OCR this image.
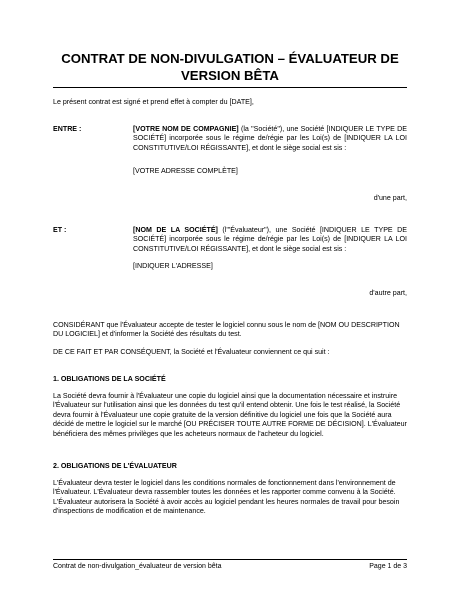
CONTRAT DE NON-DIVULGATION – ÉVALUATEUR DE VERSION BÊTA
Le présent contrat est signé et prend effet à compter du [DATE],
ENTRE :	[VOTRE NOM DE COMPAGNIE] (la "Société"), une Société [INDIQUER LE TYPE DE SOCIÉTÉ] incorporée sous le régime de/régie par les Loi(s) de [INDIQUER LA LOI CONSTITUTIVE/LOI RÉGISSANTE], et dont le siège social est sis :
[VOTRE ADRESSE COMPLÈTE]
d'une part,
ET :	[NOM DE LA SOCIÉTÉ] (l'"Évaluateur"), une Société [INDIQUER LE TYPE DE SOCIÉTÉ] incorporée sous le régime de/régie par les Loi(s) de [INDIQUER LA LOI CONSTITUTIVE/LOI RÉGISSANTE], et dont le siège social est sis :
[INDIQUER L'ADRESSE]
d'autre part,
CONSIDÉRANT que l'Évaluateur accepte de tester le logiciel connu sous le nom de [NOM OU DESCRIPTION DU LOGICIEL] et d'informer la Société des résultats du test.
DE CE FAIT ET PAR CONSÉQUENT, la Société et l'Évaluateur conviennent ce qui suit :
1. OBLIGATIONS DE LA SOCIÉTÉ
La Société devra fournir à l'Évaluateur une copie du logiciel ainsi que la documentation nécessaire et instruire l'Évaluateur sur l'utilisation ainsi que les données du test qu'il entend obtenir. Une fois le test réalisé, la Société devra fournir à l'Évaluateur une copie gratuite de la version définitive du logiciel une fois que la Société aura décidé de mettre le logiciel sur le marché [OU PRÉCISER TOUTE AUTRE FORME DE DÉCISION]. L'Évaluateur bénéficiera des mêmes privilèges que les acheteurs normaux de l'acheteur du logiciel.
2. OBLIGATIONS DE L'ÉVALUATEUR
L'Évaluateur devra tester le logiciel dans les conditions normales de fonctionnement dans l'environnement de l'Évaluateur. L'Évaluateur devra rassembler toutes les données et les rapporter comme convenu à la Société. L'Évaluateur autorisera la Société à avoir accès au logiciel pendant les heures normales de travail pour besoin d'inspections de modification et de maintenance.
Contrat de non-divulgation_évaluateur de version bêta	Page 1 de 3
